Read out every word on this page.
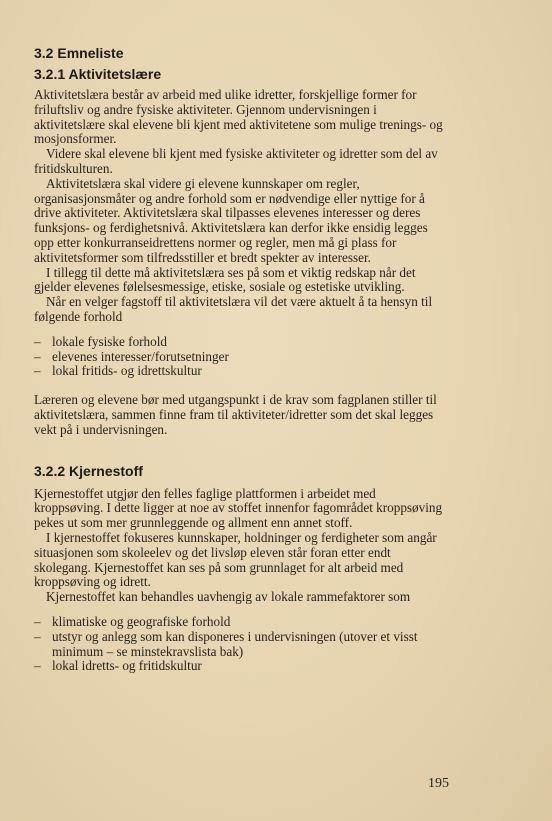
3.2 Emneliste
3.2.1 Aktivitetslære

Aktivitetslæra består av arbeid med ulike idretter, forskjellige former for friluftsliv og andre fysiske aktiviteter. Gjennom undervisningen i aktivitetslære skal elevene bli kjent med aktivitetene som mulige trenings- og mosjonsformer.

Videre skal elevene bli kjent med fysiske aktiviteter og idretter som del av fritidskulturen.

Aktivitetslæra skal videre gi elevene kunnskaper om regler, organisasjonsmåter og andre forhold som er nødvendige eller nyttige for å drive aktiviteter. Aktivitetslæra skal tilpasses elevenes interesser og deres funksjons- og ferdighetsnivå. Aktivitetslæra kan derfor ikke ensidig legges opp etter konkurranseidrettens normer og regler, men må gi plass for aktivitetsformer som tilfredsstiller et bredt spekter av interesser.

I tillegg til dette må aktivitetslæra ses på som et viktig redskap når det gjelder elevenes følelsesmessige, etiske, sosiale og estetiske utvikling.

Når en velger fagstoff til aktivitetslæra vil det være aktuelt å ta hensyn til følgende forhold

– lokale fysiske forhold
– elevenes interesser/forutsetninger
– lokal fritids- og idrettskultur

Læreren og elevene bør med utgangspunkt i de krav som fagplanen stiller til aktivitetslæra, sammen finne fram til aktiviteter/idretter som det skal legges vekt på i undervisningen.

3.2.2 Kjernestoff

Kjernestoffet utgjør den felles faglige plattformen i arbeidet med kroppsøving. I dette ligger at noe av stoffet innenfor fagområdet kroppsøving pekes ut som mer grunnleggende og allment enn annet stoff.

I kjernestoffet fokuseres kunnskaper, holdninger og ferdigheter som angår situasjonen som skoleelev og det livsløp eleven står foran etter endt skolegang. Kjernestoffet kan ses på som grunnlaget for alt arbeid med kroppsøving og idrett.

Kjernestoffet kan behandles uavhengig av lokale rammefaktorer som

– klimatiske og geografiske forhold
– utstyr og anlegg som kan disponeres i undervisningen (utover et visst minimum – se minstekravslista bak)
– lokal idretts- og fritidskultur
195
